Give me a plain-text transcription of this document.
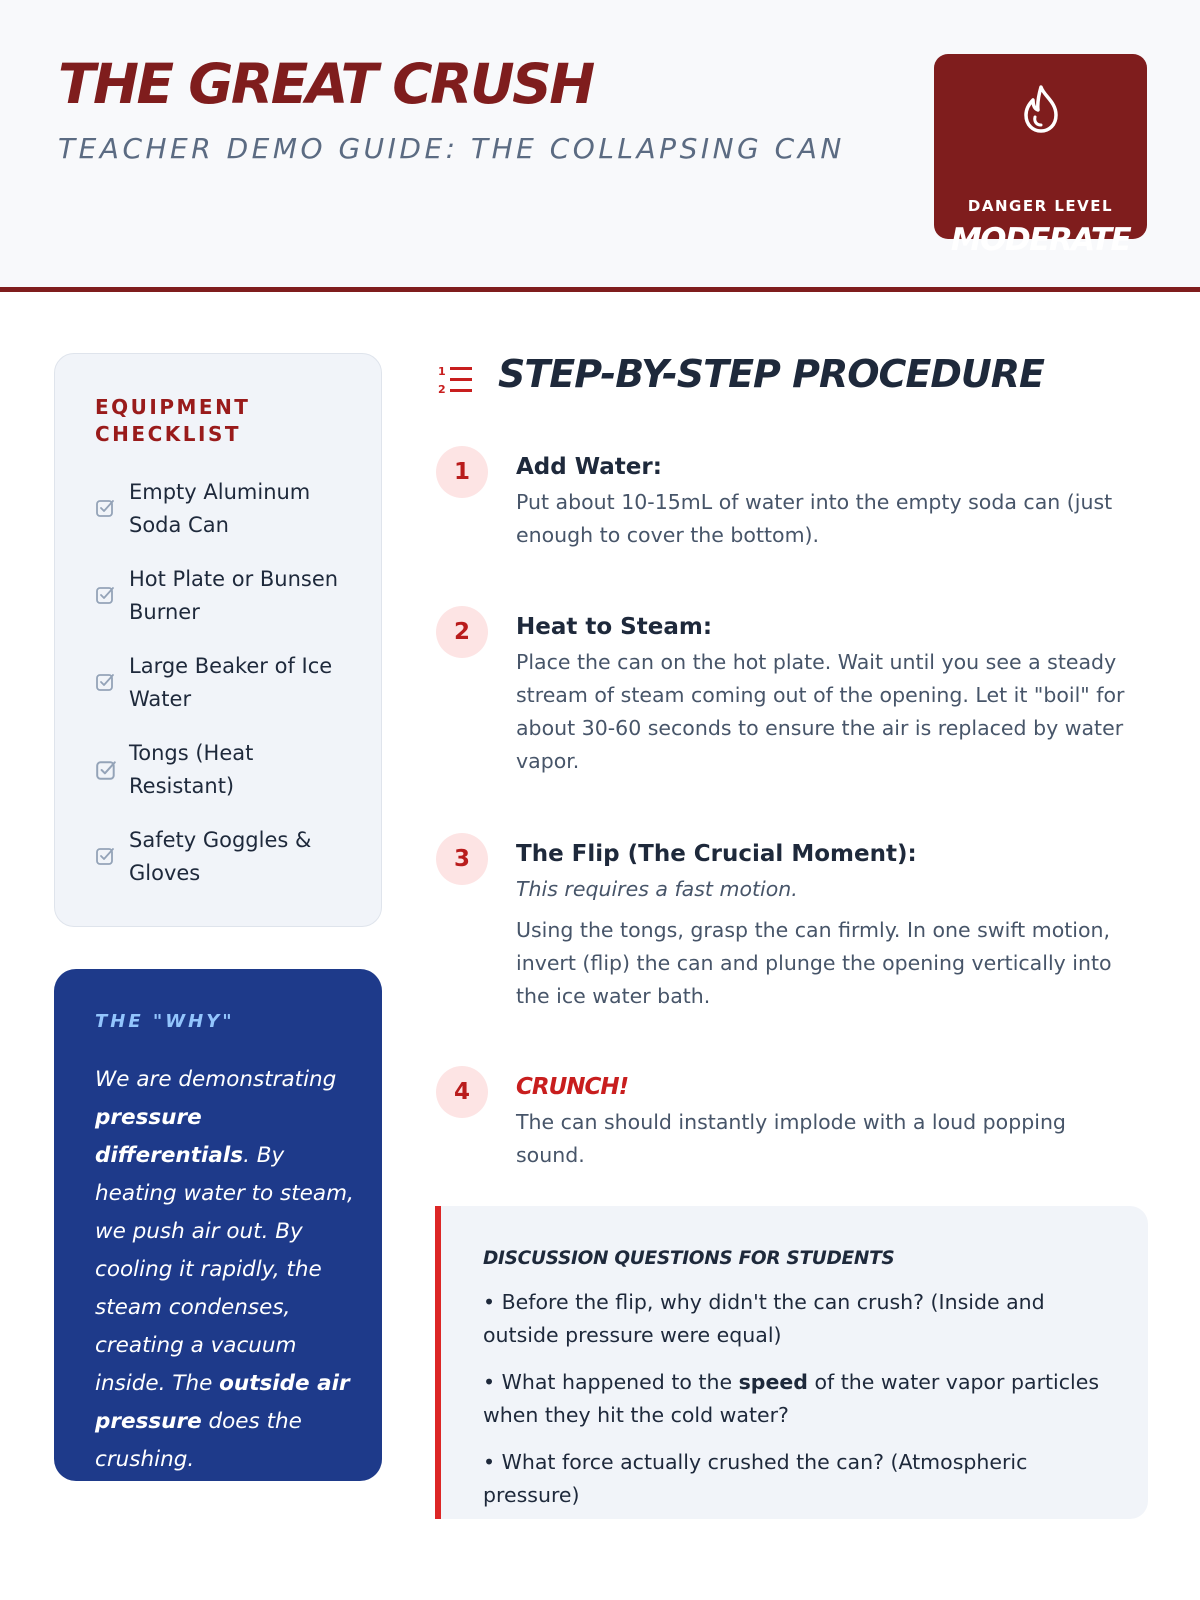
THE GREAT CRUSH
TEACHER DEMO GUIDE: THE COLLAPSING CAN
DANGER LEVEL
MODERATE
EQUIPMENT CHECKLIST
Empty Aluminum Soda Can
Hot Plate or Bunsen Burner
Large Beaker of Ice Water
Tongs (Heat Resistant)
Safety Goggles & Gloves
THE "WHY"
We are demonstrating pressure differentials. By heating water to steam, we push air out. By cooling it rapidly, the steam condenses, creating a vacuum inside. The outside air pressure does the crushing.
1
2 STEP-BY-STEP PROCEDURE
1	Add Water:
Put about 10-15mL of water into the empty soda can (just enough to cover the bottom).
2	Heat to Steam:
Place the can on the hot plate. Wait until you see a steady stream of steam coming out of the opening. Let it "boil" for about 30-60 seconds to ensure the air is replaced by water vapor.
3	The Flip (The Crucial Moment):
This requires a fast motion.
Using the tongs, grasp the can firmly. In one swift motion, invert (flip) the can and plunge the opening vertically into the ice water bath.
4	CRUNCH!
The can should instantly implode with a loud popping sound.
DISCUSSION QUESTIONS FOR STUDENTS
• Before the flip, why didn't the can crush? (Inside and outside pressure were equal)
• What happened to the speed of the water vapor particles when they hit the cold water?
• What force actually crushed the can? (Atmospheric pressure)
